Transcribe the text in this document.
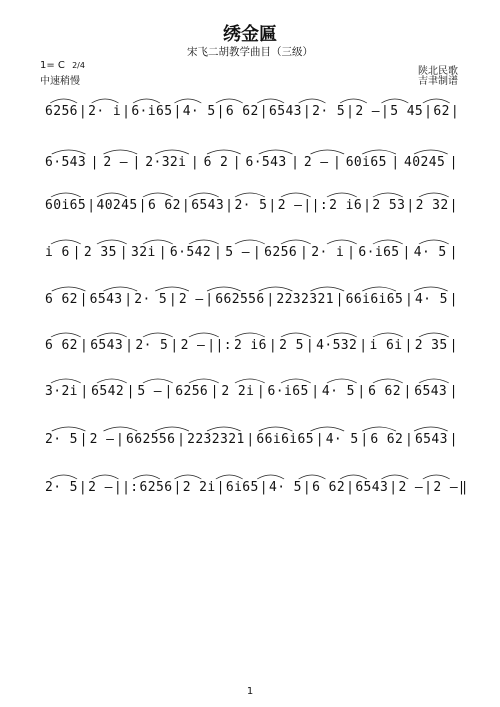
绣金匾
宋飞二胡教学曲目（三级）
1= C 2/4
中速稍慢
陕北民歌
吉聿制谱
6256 | 2· i | 6·i65 | 4· 5 | 6 62 | 6543 | 2· 5 | 2 – | 5 45 | 62 |
6·543 | 2 – | 2·32i | 6 2 | 6·543 | 2 – | 60i65 | 40245 |
60i65 | 40245 | 6 62 | 6543 | 2· 5 | 2 – ||: 2 i6 | 2 53 | 2 32 |
i 6 | 2 35 | 32i | 6·542 | 5 – | 6256 | 2· i | 6·i65 | 4· 5 |
6 62 | 6543 | 2· 5 | 2 – | 662556 | 2232321 | 66i6i65 | 4· 5 |
6 62 | 6543 | 2· 5 | 2 – ||: 2 i6 | 2 5 | 4·532 | i 6i | 2 35 |
3·2i | 6542 | 5 – | 6256 | 2 2i | 6·i65 | 4· 5 | 6 62 | 6543 |
2· 5 | 2 – | 662556 | 2232321 | 66i6i65 | 4· 5 | 6 62 | 6543 |
2· 5 | 2 – ||: 6256 | 2 2i | 6i65 | 4· 5 | 6 62 | 6543 | 2 – | 2 – ‖
1
